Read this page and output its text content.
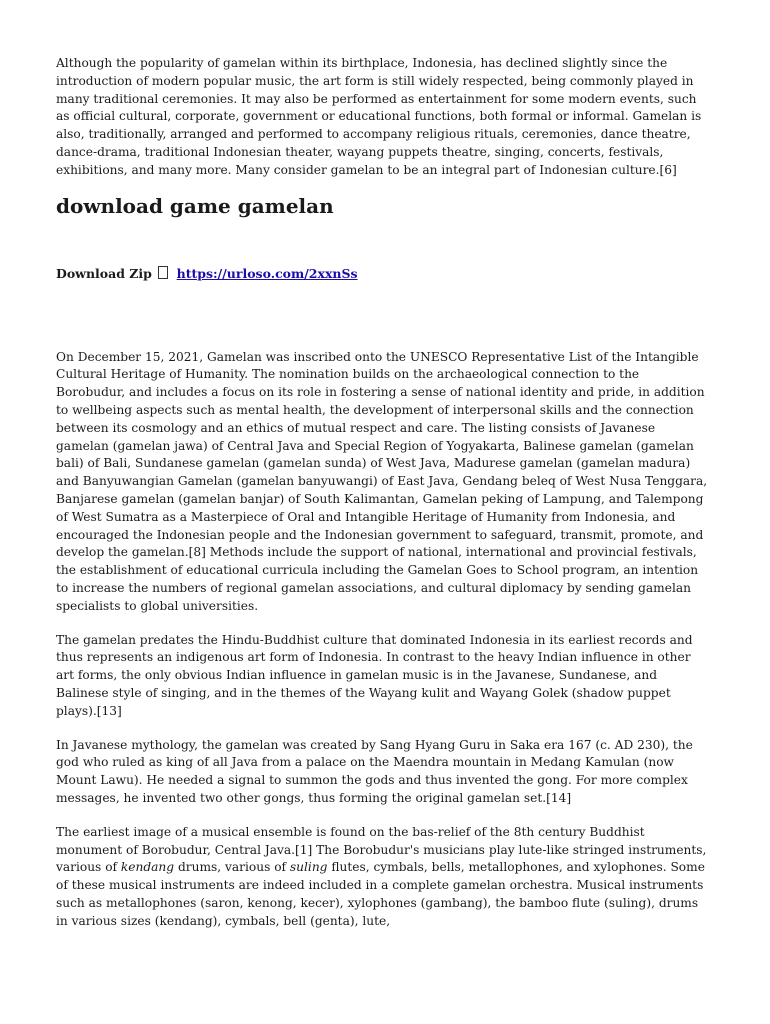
Although the popularity of gamelan within its birthplace, Indonesia, has declined slightly since the introduction of modern popular music, the art form is still widely respected, being commonly played in many traditional ceremonies. It may also be performed as entertainment for some modern events, such as official cultural, corporate, government or educational functions, both formal or informal. Gamelan is also, traditionally, arranged and performed to accompany religious rituals, ceremonies, dance theatre, dance-drama, traditional Indonesian theater, wayang puppets theatre, singing, concerts, festivals, exhibitions, and many more. Many consider gamelan to be an integral part of Indonesian culture.[6]

download game gamelan
Download Zip https://urloso.com/2xxnSs

On December 15, 2021, Gamelan was inscribed onto the UNESCO Representative List of the Intangible Cultural Heritage of Humanity. The nomination builds on the archaeological connection to the Borobudur, and includes a focus on its role in fostering a sense of national identity and pride, in addition to wellbeing aspects such as mental health, the development of interpersonal skills and the connection between its cosmology and an ethics of mutual respect and care. The listing consists of Javanese gamelan (gamelan jawa) of Central Java and Special Region of Yogyakarta, Balinese gamelan (gamelan bali) of Bali, Sundanese gamelan (gamelan sunda) of West Java, Madurese gamelan (gamelan madura) and Banyuwangian Gamelan (gamelan banyuwangi) of East Java, Gendang beleq of West Nusa Tenggara, Banjarese gamelan (gamelan banjar) of South Kalimantan, Gamelan peking of Lampung, and Talempong of West Sumatra as a Masterpiece of Oral and Intangible Heritage of Humanity from Indonesia, and encouraged the Indonesian people and the Indonesian government to safeguard, transmit, promote, and develop the gamelan.[8] Methods include the support of national, international and provincial festivals, the establishment of educational curricula including the Gamelan Goes to School program, an intention to increase the numbers of regional gamelan associations, and cultural diplomacy by sending gamelan specialists to global universities.

The gamelan predates the Hindu-Buddhist culture that dominated Indonesia in its earliest records and thus represents an indigenous art form of Indonesia. In contrast to the heavy Indian influence in other art forms, the only obvious Indian influence in gamelan music is in the Javanese, Sundanese, and Balinese style of singing, and in the themes of the Wayang kulit and Wayang Golek (shadow puppet plays).[13]

In Javanese mythology, the gamelan was created by Sang Hyang Guru in Saka era 167 (c. AD 230), the god who ruled as king of all Java from a palace on the Maendra mountain in Medang Kamulan (now Mount Lawu). He needed a signal to summon the gods and thus invented the gong. For more complex messages, he invented two other gongs, thus forming the original gamelan set.[14]

The earliest image of a musical ensemble is found on the bas-relief of the 8th century Buddhist monument of Borobudur, Central Java.[1] The Borobudur's musicians play lute-like stringed instruments, various of kendang drums, various of suling flutes, cymbals, bells, metallophones, and xylophones. Some of these musical instruments are indeed included in a complete gamelan orchestra. Musical instruments such as metallophones (saron, kenong, kecer), xylophones (gambang), the bamboo flute (suling), drums in various sizes (kendang), cymbals, bell (genta), lute,
